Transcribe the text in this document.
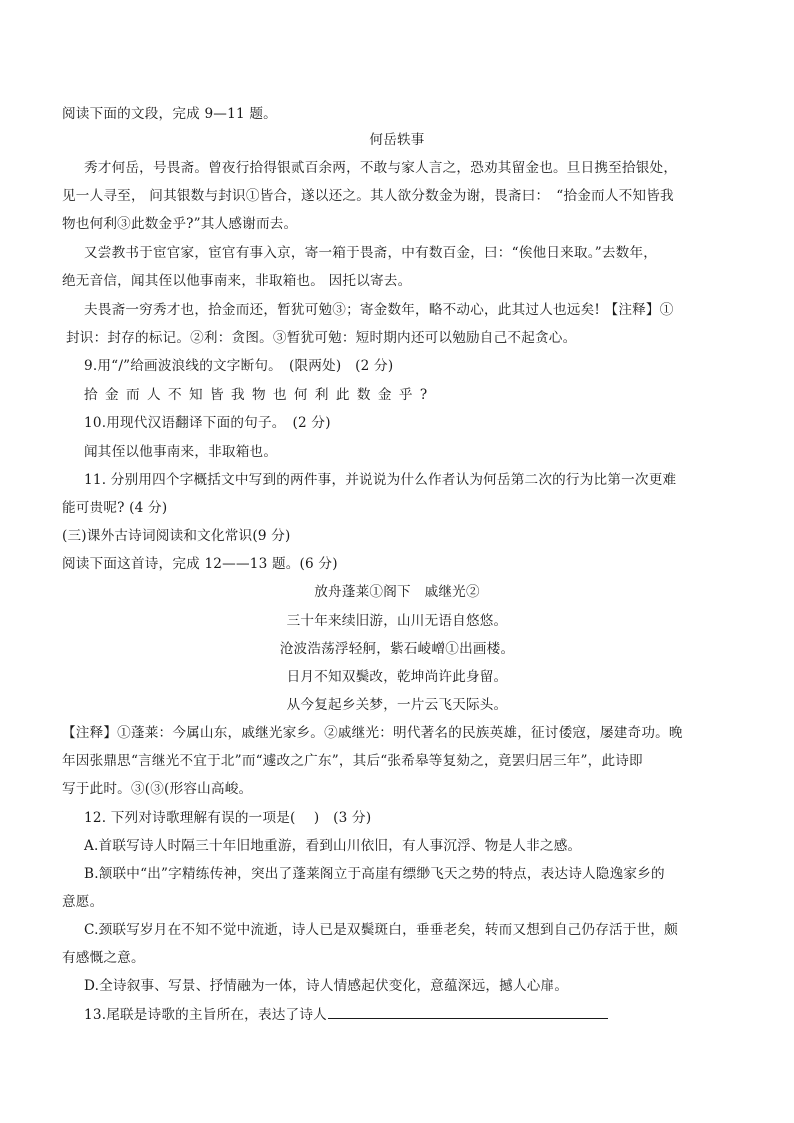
阅读下面的文段，完成 9—11 题。
何岳轶事
秀才何岳，号畏斋。曾夜行拾得银贰百余两，不敢与家人言之，恐劝其留金也。旦日携至拾银处，
见一人寻至， 问其银数与封识①皆合，遂以还之。其人欲分数金为谢，畏斋曰：　“拾金而人不知皆我
物也何利③此数金乎?”其人感谢而去。
又尝教书于宦官家，宦官有事入京，寄一箱于畏斋，中有数百金，曰：“俟他日来取。”去数年，
绝无音信，闻其侄以他事南来，非取箱也。 因托以寄去。
夫畏斋一穷秀才也，拾金而还，暂犹可勉③；寄金数年，略不动心，此其过人也远矣! 【注释】①
封识：封存的标记。②利：贪图。③暂犹可勉：短时期内还可以勉励自己不起贪心。
9.用“/”给画波浪线的文字断句。　(限两处)　(2 分)
拾金而人不知皆我物也何利此数金乎?
10.用现代汉语翻译下面的句子。　(2 分)
闻其侄以他事南来，非取箱也。
11. 分别用四个字概括文中写到的两件事，并说说为什么作者认为何岳第二次的行为比第一次更难
能可贵呢? (4 分)
(三)课外古诗词阅读和文化常识(9 分)
阅读下面这首诗，完成 12——13 题。(6 分)
放舟蓬莱①阁下　戚继光②
三十年来续旧游，山川无语自悠悠。
沧波浩荡浮轻舸，紫石崚嶒①出画楼。
日月不知双鬓改，乾坤尚许此身留。
从今复起乡关梦，一片云飞天际头。
【注释】①蓬莱：今属山东，戚继光家乡。②戚继光：明代著名的民族英雄，征讨倭寇，屡建奇功。晚
年因张鼎思“言继光不宜于北”而“遽改之广东”，其后“张希皋等复劾之，竟罢归居三年”，此诗即
写于此时。③(③(形容山高峻。
12. 下列对诗歌理解有误的一项是(　 )　(3 分)
A.首联写诗人时隔三十年旧地重游，看到山川依旧，有人事沉浮、物是人非之感。
B.颔联中“出”字精练传神，突出了蓬莱阁立于高崖有缥缈飞天之势的特点，表达诗人隐逸家乡的
意愿。
C.颈联写岁月在不知不觉中流逝，诗人已是双鬓斑白，垂垂老矣，转而又想到自己仍存活于世，颇
有感慨之意。
D.全诗叙事、写景、抒情融为一体，诗人情感起伏变化，意蕴深远，撼人心扉。
13.尾联是诗歌的主旨所在，表达了诗人
